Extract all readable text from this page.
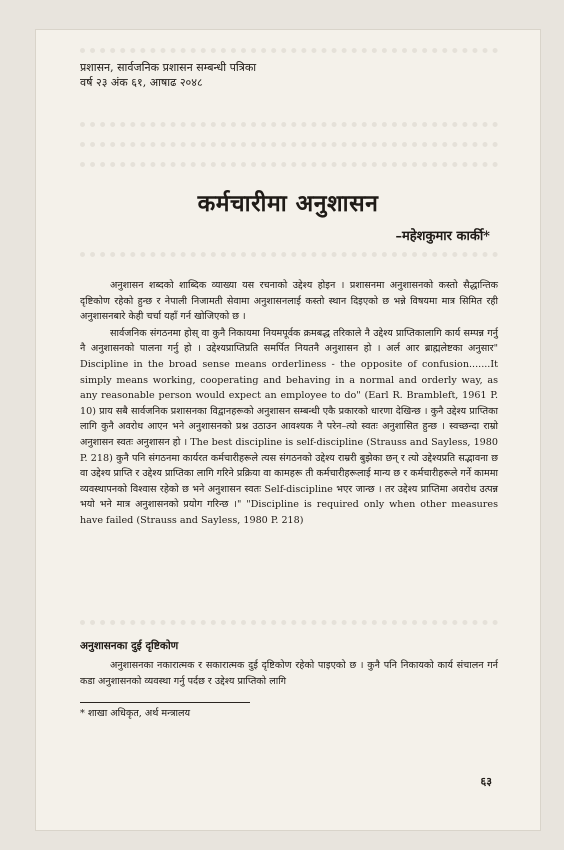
प्रशासन, सार्वजनिक प्रशासन सम्बन्धी पत्रिका
वर्ष २३ अंक ६१, आषाढ २०४८
कर्मचारीमा अनुशासन
–महेशकुमार कार्की*

अनुशासन शब्दको शाब्दिक व्याख्या यस रचनाको उद्देश्य होइन । प्रशासनमा अनुशासनको कस्तो सैद्धान्तिक दृष्टिकोण रहेको हुन्छ र नेपाली निजामती सेवामा अनुशासनलाई कस्तो स्थान दिइएको छ भन्ने विषयमा मात्र सिमित रही अनुशासनबारे केही चर्चा यहाँ गर्न खोजिएको छ ।

सार्वजनिक संगठनमा होस् वा कुनै निकायमा नियमपूर्वक क्रमबद्ध तरिकाले नै उद्देश्य प्राप्तिकालागि कार्य सम्पन्न गर्नु नै अनुशासनको पालना गर्नु हो । उद्देश्यप्राप्तिप्रति समर्पित नियतनै अनुशासन हो । अर्ल आर ब्राह्मलेष्टका अनुसार" Discipline in the broad sense means orderliness - the opposite of confusion.......It simply means working, cooperating and behaving in a normal and orderly way, as any reasonable person would expect an employee to do" (Earl R. Brambleft, 1961 P. 10) प्राय सबै सार्वजनिक प्रशासनका विद्वानहरूको अनुशासन सम्बन्धी एकै प्रकारको धारणा देखिन्छ । कुनै उद्देश्य प्राप्तिका लागि कुनै अवरोध आएन भने अनुशासनको प्रश्न उठाउन आवश्यक नै परेन–त्यो स्वतः अनुशासित हुन्छ । स्वच्छन्दा राम्रो अनुशासन स्वतः अनुशासन हो । The best discipline is self-discipline (Strauss and Sayless, 1980 P. 218) कुनै पनि संगठनमा कार्यरत कर्मचारीहरूले त्यस संगठनको उद्देश्य राम्ररी बुझेका छन् र त्यो उद्देश्यप्रति सद्भावना छ वा उद्देश्य प्राप्ति र उद्देश्य प्राप्तिका लागि गरिने प्रक्रिया वा कामहरू ती कर्मचारीहरूलाई मान्य छ र कर्मचारीहरूले गर्ने काममा व्यवस्थापनको विश्वास रहेको छ भने अनुशासन स्वतः Self-discipline भएर जान्छ । तर उद्देश्य प्राप्तिमा अवरोध उत्पन्न भयो भने मात्र अनुशासनको प्रयोग गरिन्छ ।" "Discipline is required only when other measures have failed (Strauss and Sayless, 1980 P. 218)

अनुशासनका दुई दृष्टिकोण
अनुशासनका नकारात्मक र सकारात्मक दुई दृष्टिकोण रहेको पाइएको छ । कुनै पनि निकायको कार्य संचालन गर्न कडा अनुशासनको व्यवस्था गर्नु पर्दछ र उद्देश्य प्राप्तिको लागि
* शाखा अधिकृत, अर्थ मन्त्रालय
६३
